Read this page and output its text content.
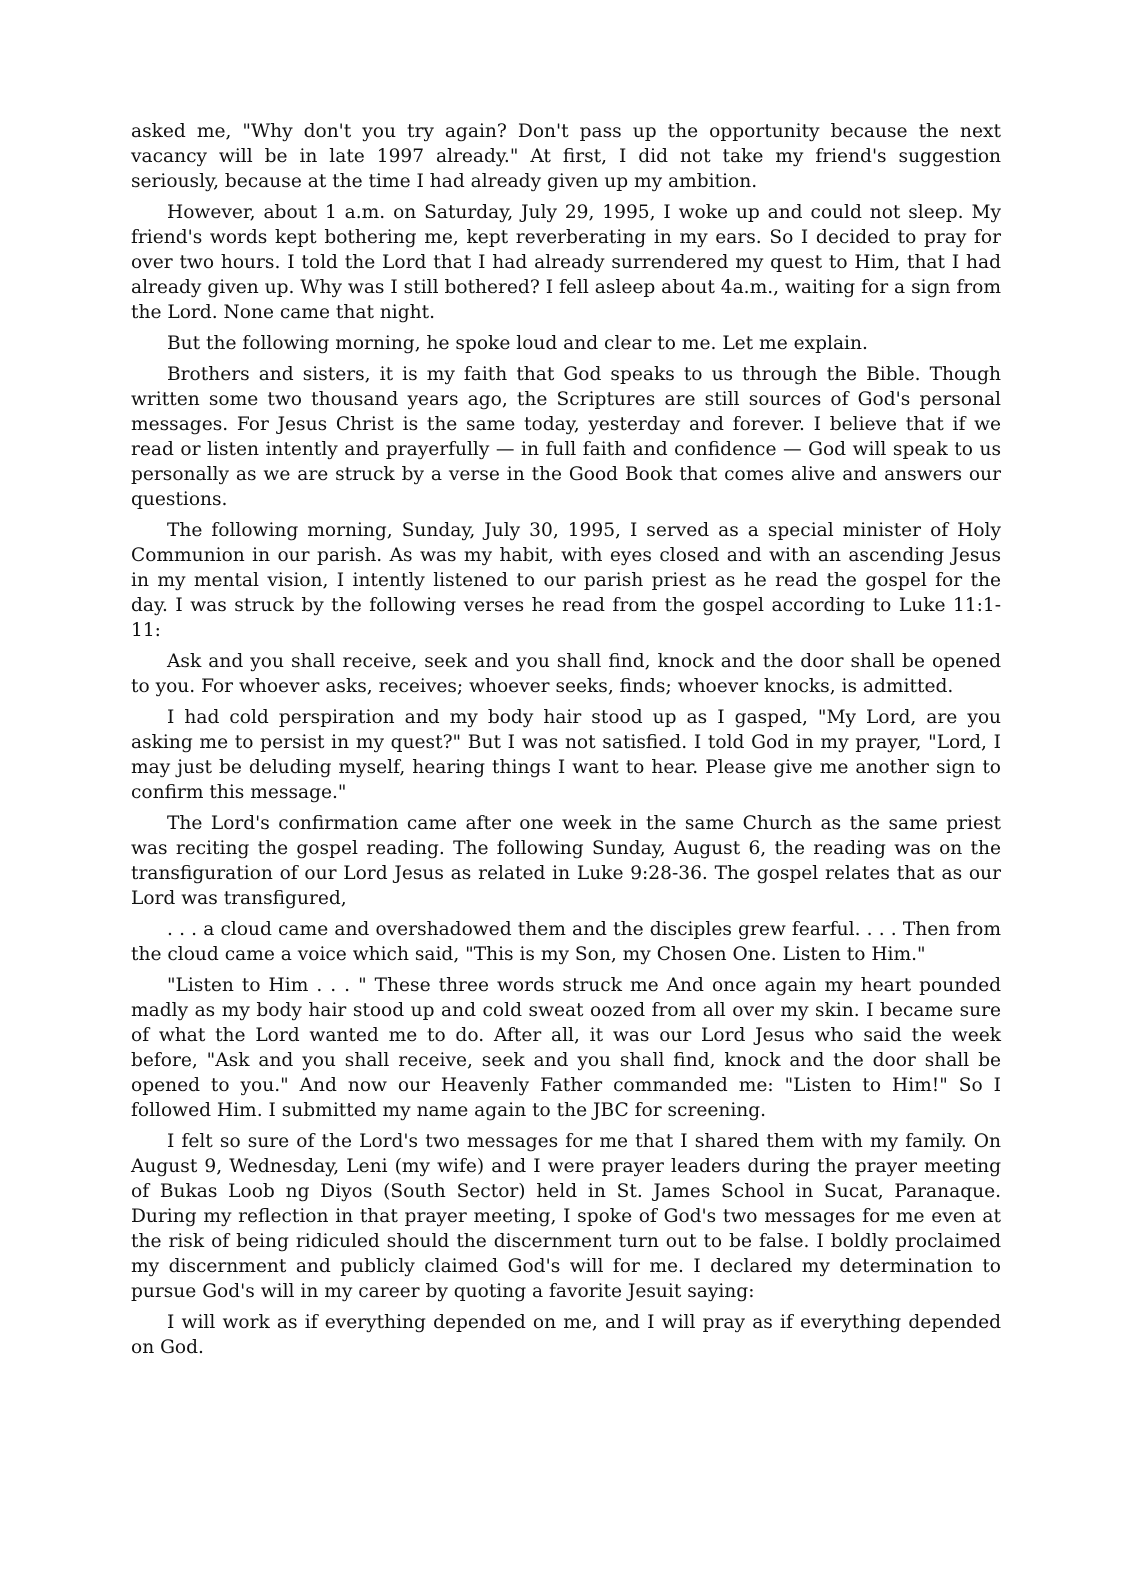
asked me, "Why don't you try again? Don't pass up the opportunity because the next vacancy will be in late 1997 already." At first, I did not take my friend's suggestion seriously, because at the time I had already given up my ambition.

However, about 1 a.m. on Saturday, July 29, 1995, I woke up and could not sleep. My friend's words kept bothering me, kept reverberating in my ears. So I decided to pray for over two hours. I told the Lord that I had already surrendered my quest to Him, that I had already given up. Why was I still bothered? I fell asleep about 4a.m., waiting for a sign from the Lord. None came that night.

But the following morning, he spoke loud and clear to me. Let me explain.

Brothers and sisters, it is my faith that God speaks to us through the Bible. Though written some two thousand years ago, the Scriptures are still sources of God's personal messages. For Jesus Christ is the same today, yesterday and forever. I believe that if we read or listen intently and prayerfully — in full faith and confidence — God will speak to us personally as we are struck by a verse in the Good Book that comes alive and answers our questions.

The following morning, Sunday, July 30, 1995, I served as a special minister of Holy Communion in our parish. As was my habit, with eyes closed and with an ascending Jesus in my mental vision, I intently listened to our parish priest as he read the gospel for the day. I was struck by the following verses he read from the gospel according to Luke 11:1-11:

Ask and you shall receive, seek and you shall find, knock and the door shall be opened to you. For whoever asks, receives; whoever seeks, finds; whoever knocks, is admitted.

I had cold perspiration and my body hair stood up as I gasped, "My Lord, are you asking me to persist in my quest?" But I was not satisfied. I told God in my prayer, "Lord, I may just be deluding myself, hearing things I want to hear. Please give me another sign to confirm this message."

The Lord's confirmation came after one week in the same Church as the same priest was reciting the gospel reading. The following Sunday, August 6, the reading was on the transfiguration of our Lord Jesus as related in Luke 9:28-36. The gospel relates that as our Lord was transfigured,

. . . a cloud came and overshadowed them and the disciples grew fearful. . . . Then from the cloud came a voice which said, "This is my Son, my Chosen One. Listen to Him."

"Listen to Him . . . " These three words struck me And once again my heart pounded madly as my body hair stood up and cold sweat oozed from all over my skin. I became sure of what the Lord wanted me to do. After all, it was our Lord Jesus who said the week before, "Ask and you shall receive, seek and you shall find, knock and the door shall be opened to you." And now our Heavenly Father commanded me: "Listen to Him!" So I followed Him. I submitted my name again to the JBC for screening.

I felt so sure of the Lord's two messages for me that I shared them with my family. On August 9, Wednesday, Leni (my wife) and I were prayer leaders during the prayer meeting of Bukas Loob ng Diyos (South Sector) held in St. James School in Sucat, Paranaque. During my reflection in that prayer meeting, I spoke of God's two messages for me even at the risk of being ridiculed should the discernment turn out to be false. I boldly proclaimed my discernment and publicly claimed God's will for me. I declared my determination to pursue God's will in my career by quoting a favorite Jesuit saying:

I will work as if everything depended on me, and I will pray as if everything depended on God.
